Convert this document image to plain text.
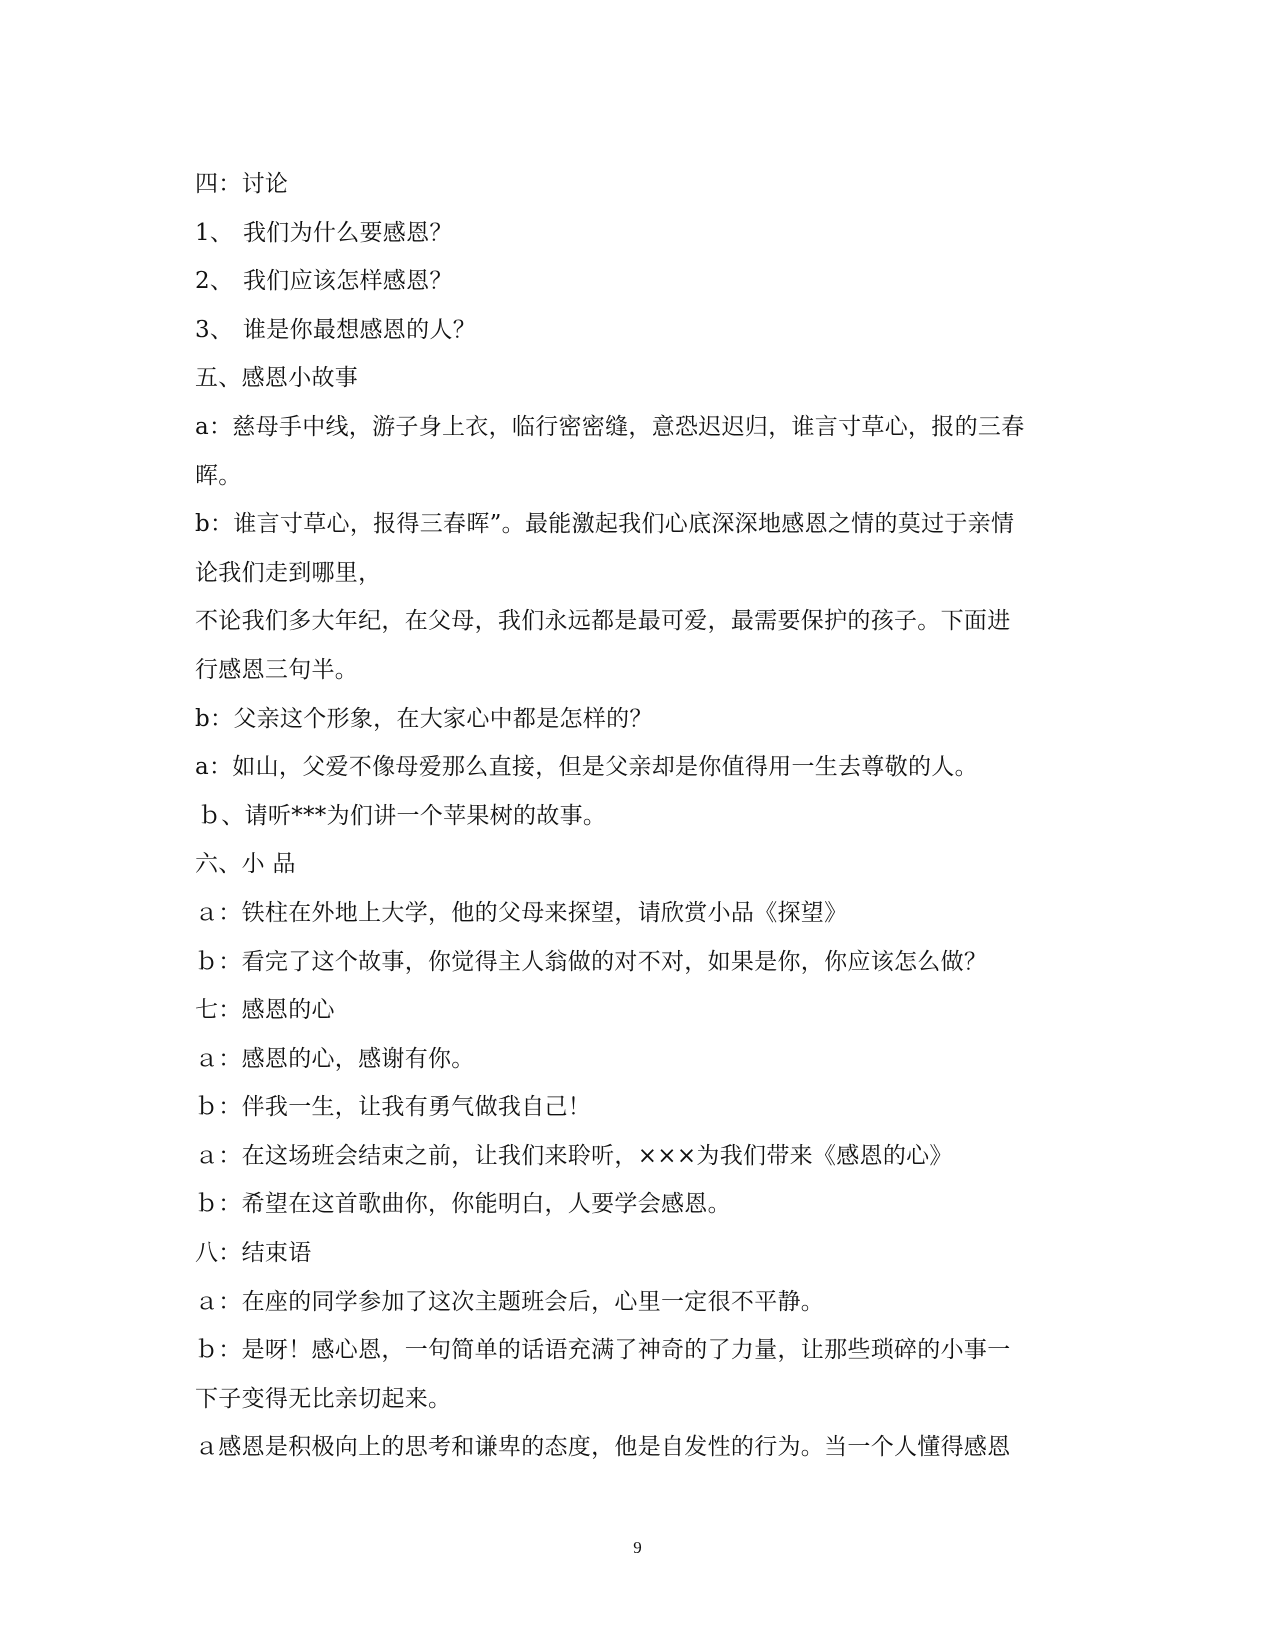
四：讨论
1、 我们为什么要感恩？
2、 我们应该怎样感恩？
3、 谁是你最想感恩的人？
五、感恩小故事
a：慈母手中线，游子身上衣，临行密密缝，意恐迟迟归，谁言寸草心，报的三春
晖。
b：谁言寸草心，报得三春晖”。最能激起我们心底深深地感恩之情的莫过于亲情
论我们走到哪里，
不论我们多大年纪，在父母，我们永远都是最可爱，最需要保护的孩子。下面进
行感恩三句半。
b：父亲这个形象，在大家心中都是怎样的？
a：如山，父爱不像母爱那么直接，但是父亲却是你值得用一生去尊敬的人。
ｂ、请听***为们讲一个苹果树的故事。
六、小 品
ａ：铁柱在外地上大学，他的父母来探望，请欣赏小品《探望》
ｂ：看完了这个故事，你觉得主人翁做的对不对，如果是你，你应该怎么做？
七：感恩的心
ａ：感恩的心，感谢有你。
ｂ：伴我一生，让我有勇气做我自己！
ａ：在这场班会结束之前，让我们来聆听，×××为我们带来《感恩的心》
ｂ：希望在这首歌曲你，你能明白，人要学会感恩。
八：结束语
ａ：在座的同学参加了这次主题班会后，心里一定很不平静。
ｂ：是呀！感心恩，一句简单的话语充满了神奇的了力量，让那些琐碎的小事一
下子变得无比亲切起来。
ａ感恩是积极向上的思考和谦卑的态度，他是自发性的行为。当一个人懂得感恩
9
